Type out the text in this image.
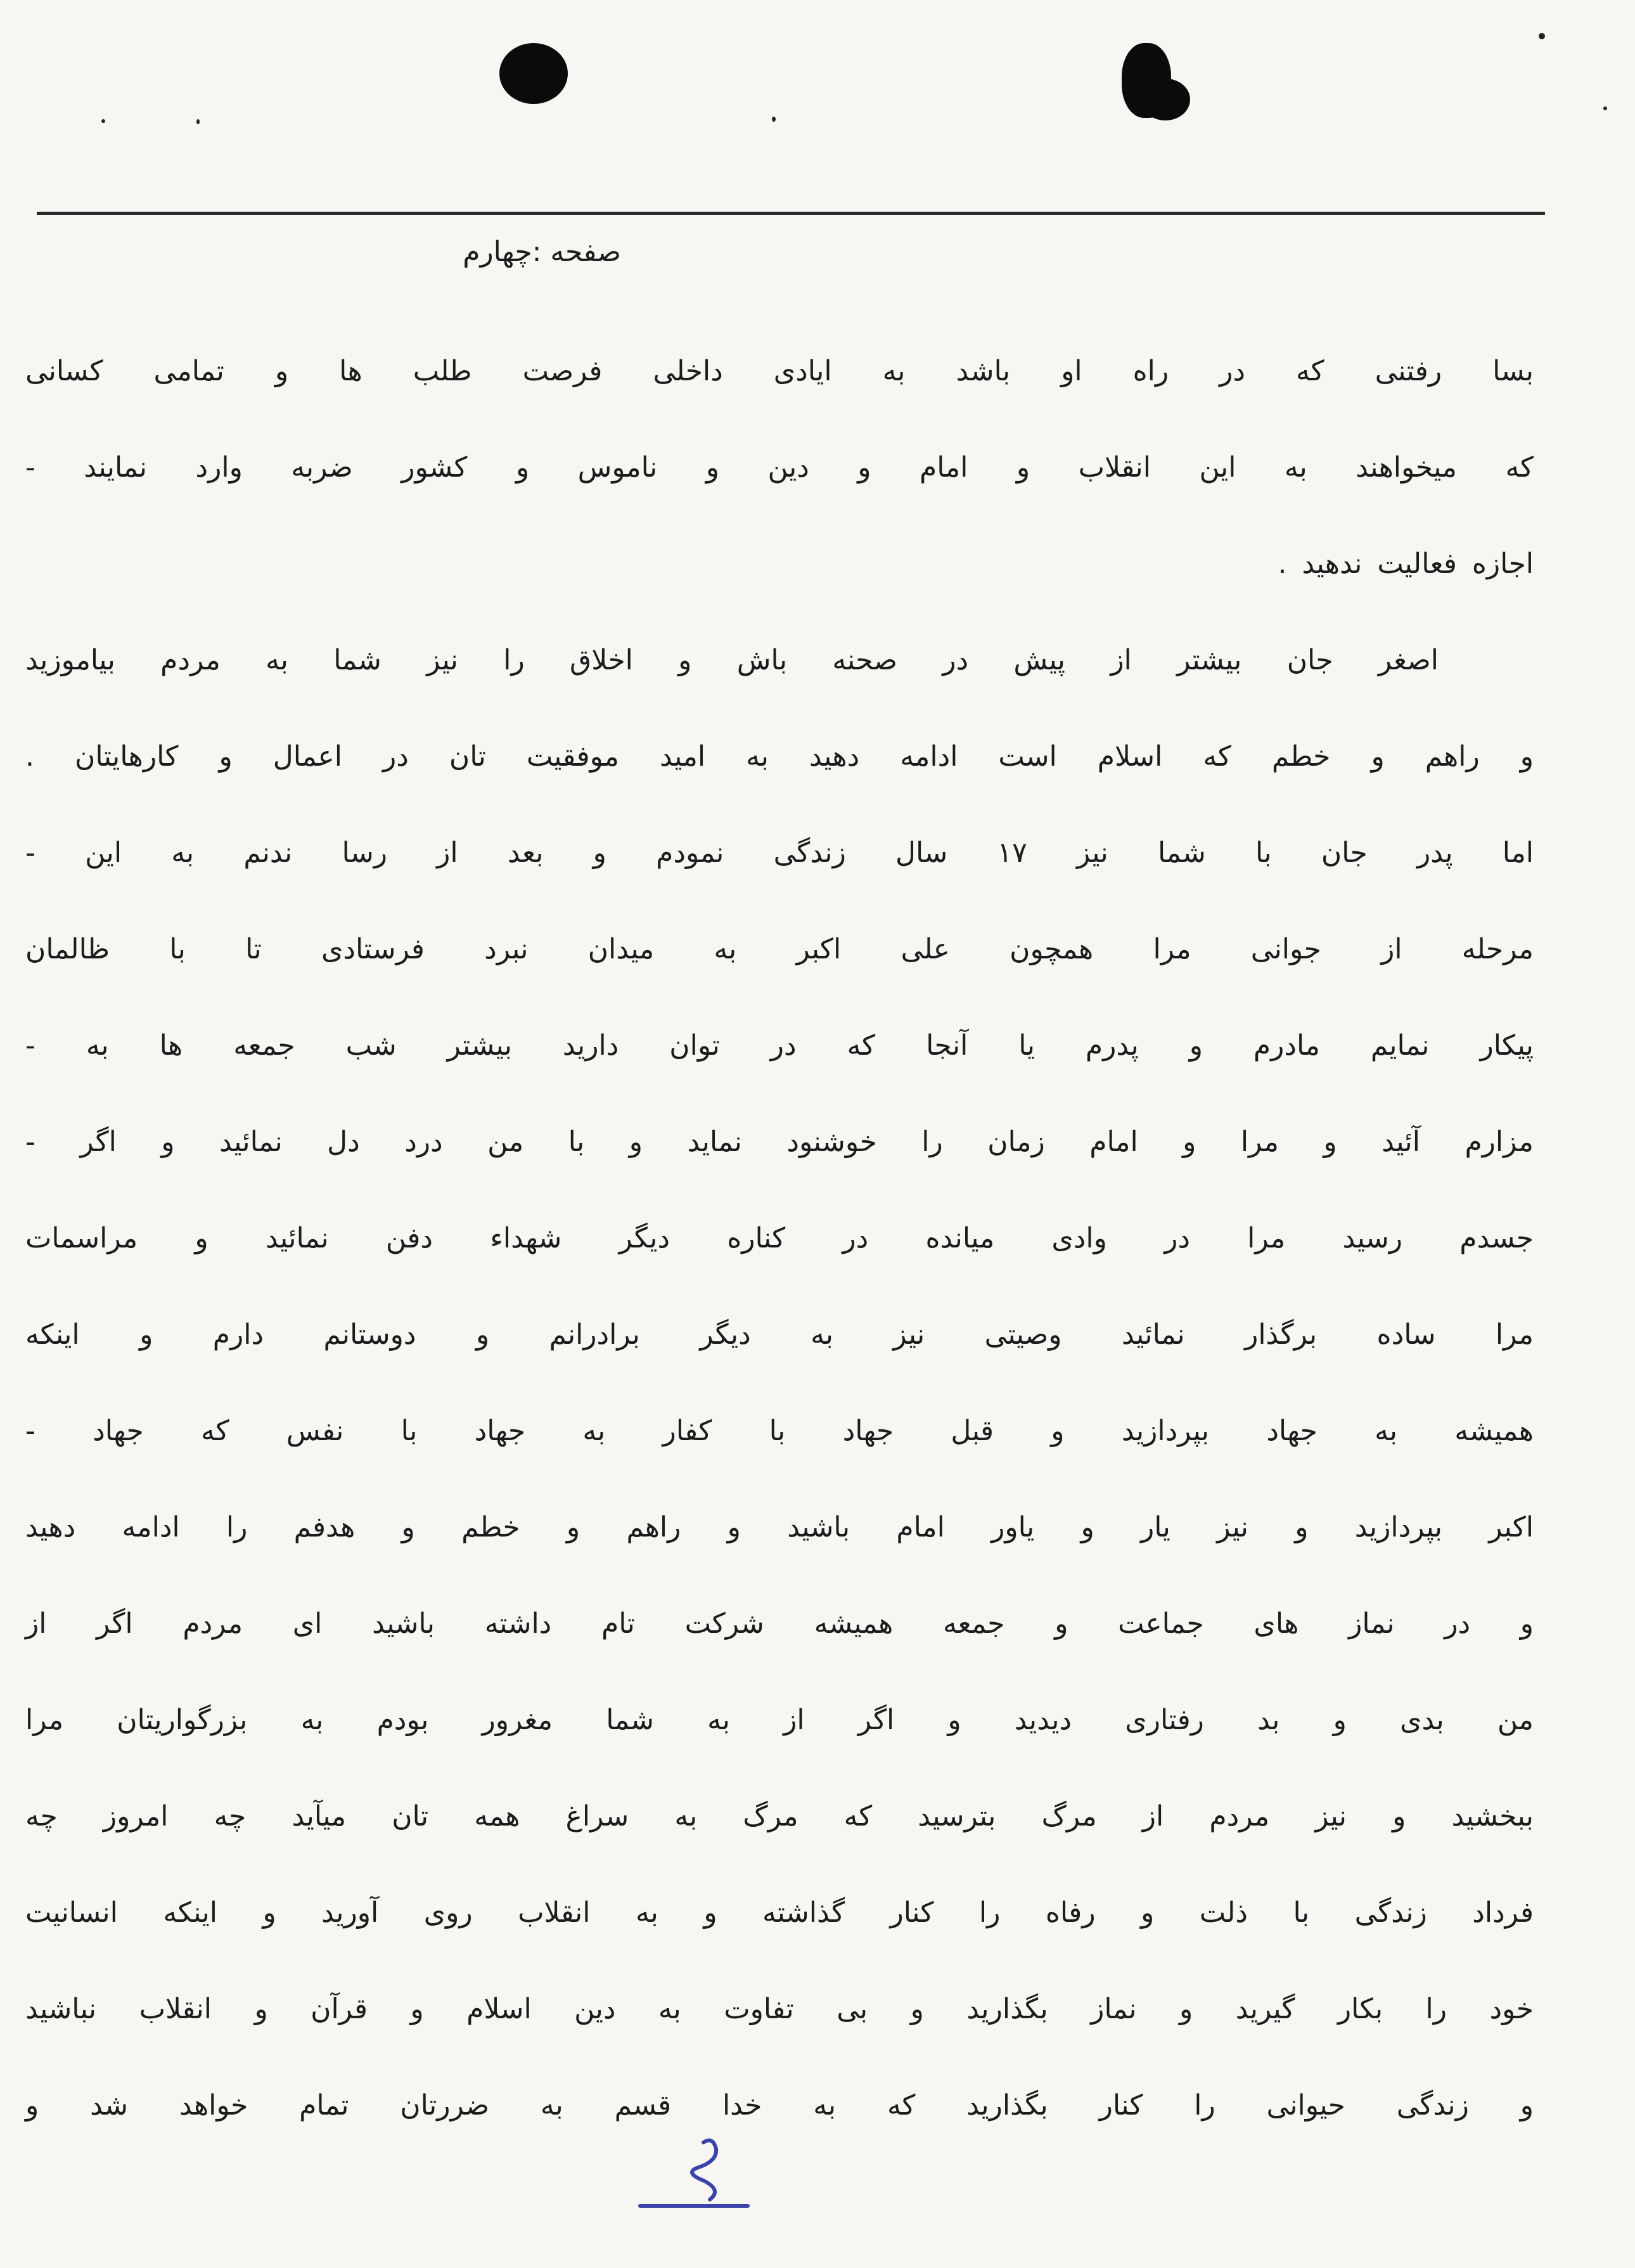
صفحه :چهارم
بسا رفتنی که در راه او باشد به ایادی داخلی فرصت طلب ها و تمامی کسانی
که میخواهند به این انقلاب و امام و دین و ناموس و کشور ضربه وارد نمایند -
اجازه فعالیت ندهید .
اصغر جان بیشتر از پیش در صحنه باش و اخلاق را نیز شما به مردم بیاموزید
و راهم و خطم که اسلام است ادامه دهید به امید موفقیت تان در اعمال و کارهایتان .
اما پدر جان با شما نیز ۱۷ سال زندگی نمودم و بعد از رسا ندنم به این -
مرحله از جوانی مرا همچون علی اکبر به میدان نبرد فرستادی تا با ظالمان
پیکار نمایم مادرم و پدرم یا آنجا که در توان دارید بیشتر شب جمعه ها به -
مزارم آئید و مرا و امام زمان را خوشنود نماید و با من درد دل نمائید و اگر -
جسدم رسید مرا در وادی میانده در کناره دیگر شهداء دفن نمائید و مراسمات
مرا ساده برگذار نمائید وصیتی نیز به دیگر برادرانم و دوستانم دارم و اینکه
همیشه به جهاد بپردازید و قبل جهاد با کفار به جهاد با نفس که جهاد -
اکبر بپردازید و نیز یار و یاور امام باشید و راهم و خطم و هدفم را ادامه دهید
و در نماز های جماعت و جمعه همیشه شرکت تام داشته باشید ای مردم اگر از
من بدی و بد رفتاری دیدید و اگر از به شما مغرور بودم به بزرگواریتان مرا
ببخشید و نیز مردم از مرگ بترسید که مرگ به سراغ همه تان میآید چه امروز چه
فرداد زندگی با ذلت و رفاه را کنار گذاشته و به انقلاب روی آورید و اینکه انسانیت
خود را بکار گیرید و نماز بگذارید و بی تفاوت به دین اسلام و قرآن و انقلاب نباشید
و زندگی حیوانی را کنار بگذارید که به خدا قسم به ضررتان تمام خواهد شد و
۴
